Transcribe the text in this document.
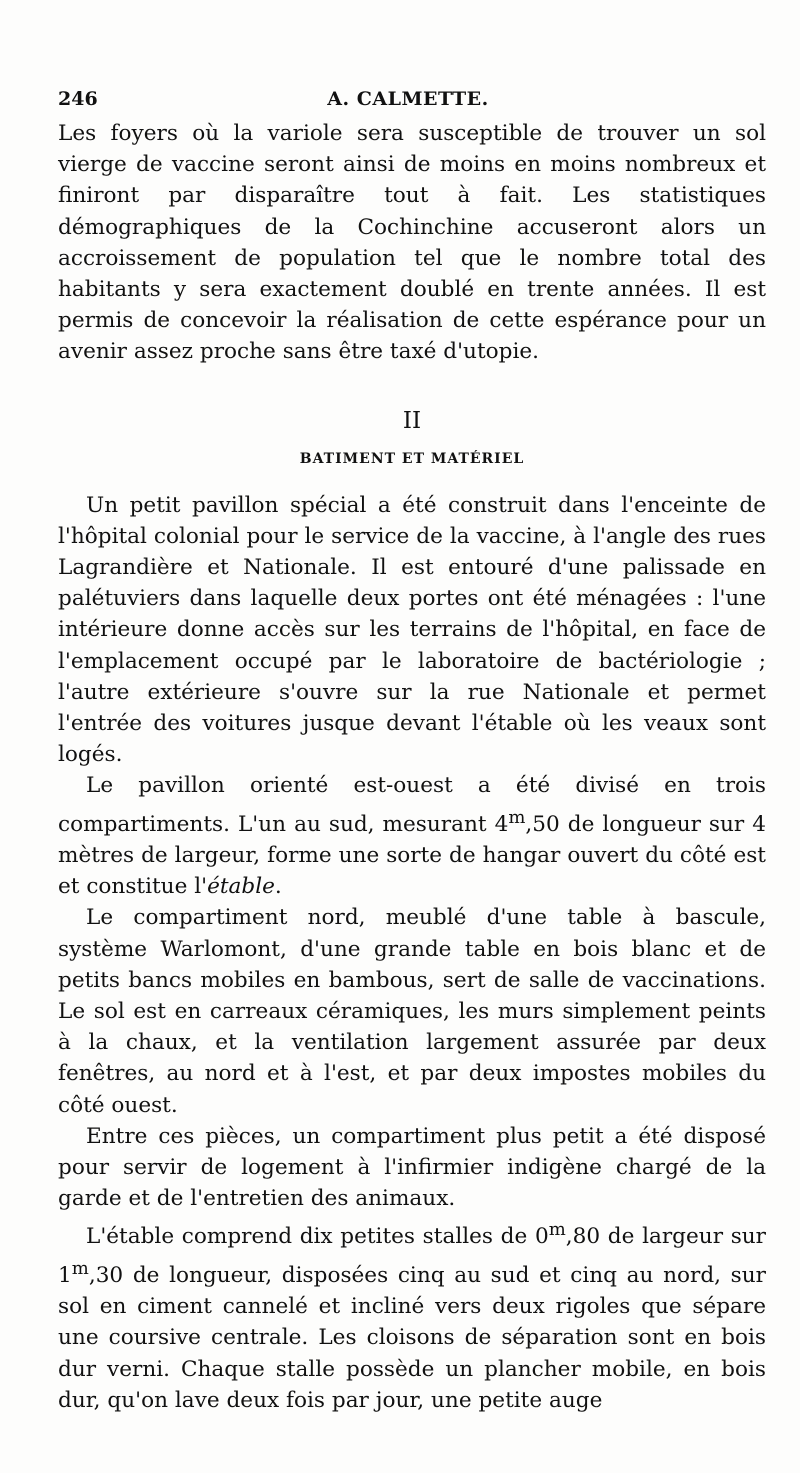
246	A. CALMETTE.

Les foyers où la variole sera susceptible de trouver un sol vierge de vaccine seront ainsi de moins en moins nombreux et finiront par disparaître tout à fait. Les statistiques démographiques de la Cochinchine accuseront alors un accroissement de population tel que le nombre total des habitants y sera exactement doublé en trente années. Il est permis de concevoir la réalisation de cette espérance pour un avenir assez proche sans être taxé d'utopie.

II
BATIMENT ET MATÉRIEL

Un petit pavillon spécial a été construit dans l'enceinte de l'hôpital colonial pour le service de la vaccine, à l'angle des rues Lagrandière et Nationale. Il est entouré d'une palissade en palétuviers dans laquelle deux portes ont été ménagées : l'une intérieure donne accès sur les terrains de l'hôpital, en face de l'emplacement occupé par le laboratoire de bactériologie ; l'autre extérieure s'ouvre sur la rue Nationale et permet l'entrée des voitures jusque devant l'étable où les veaux sont logés.

Le pavillon orienté est-ouest a été divisé en trois compartiments. L'un au sud, mesurant 4$^m$,50 de longueur sur 4 mètres de largeur, forme une sorte de hangar ouvert du côté est et constitue l'étable.

Le compartiment nord, meublé d'une table à bascule, système Warlomont, d'une grande table en bois blanc et de petits bancs mobiles en bambous, sert de salle de vaccinations. Le sol est en carreaux céramiques, les murs simplement peints à la chaux, et la ventilation largement assurée par deux fenêtres, au nord et à l'est, et par deux impostes mobiles du côté ouest.

Entre ces pièces, un compartiment plus petit a été disposé pour servir de logement à l'infirmier indigène chargé de la garde et de l'entretien des animaux.

L'étable comprend dix petites stalles de 0$^m$,80 de largeur sur 1$^m$,30 de longueur, disposées cinq au sud et cinq au nord, sur sol en ciment cannelé et incliné vers deux rigoles que sépare une coursive centrale. Les cloisons de séparation sont en bois dur verni. Chaque stalle possède un plancher mobile, en bois dur, qu'on lave deux fois par jour, une petite auge
